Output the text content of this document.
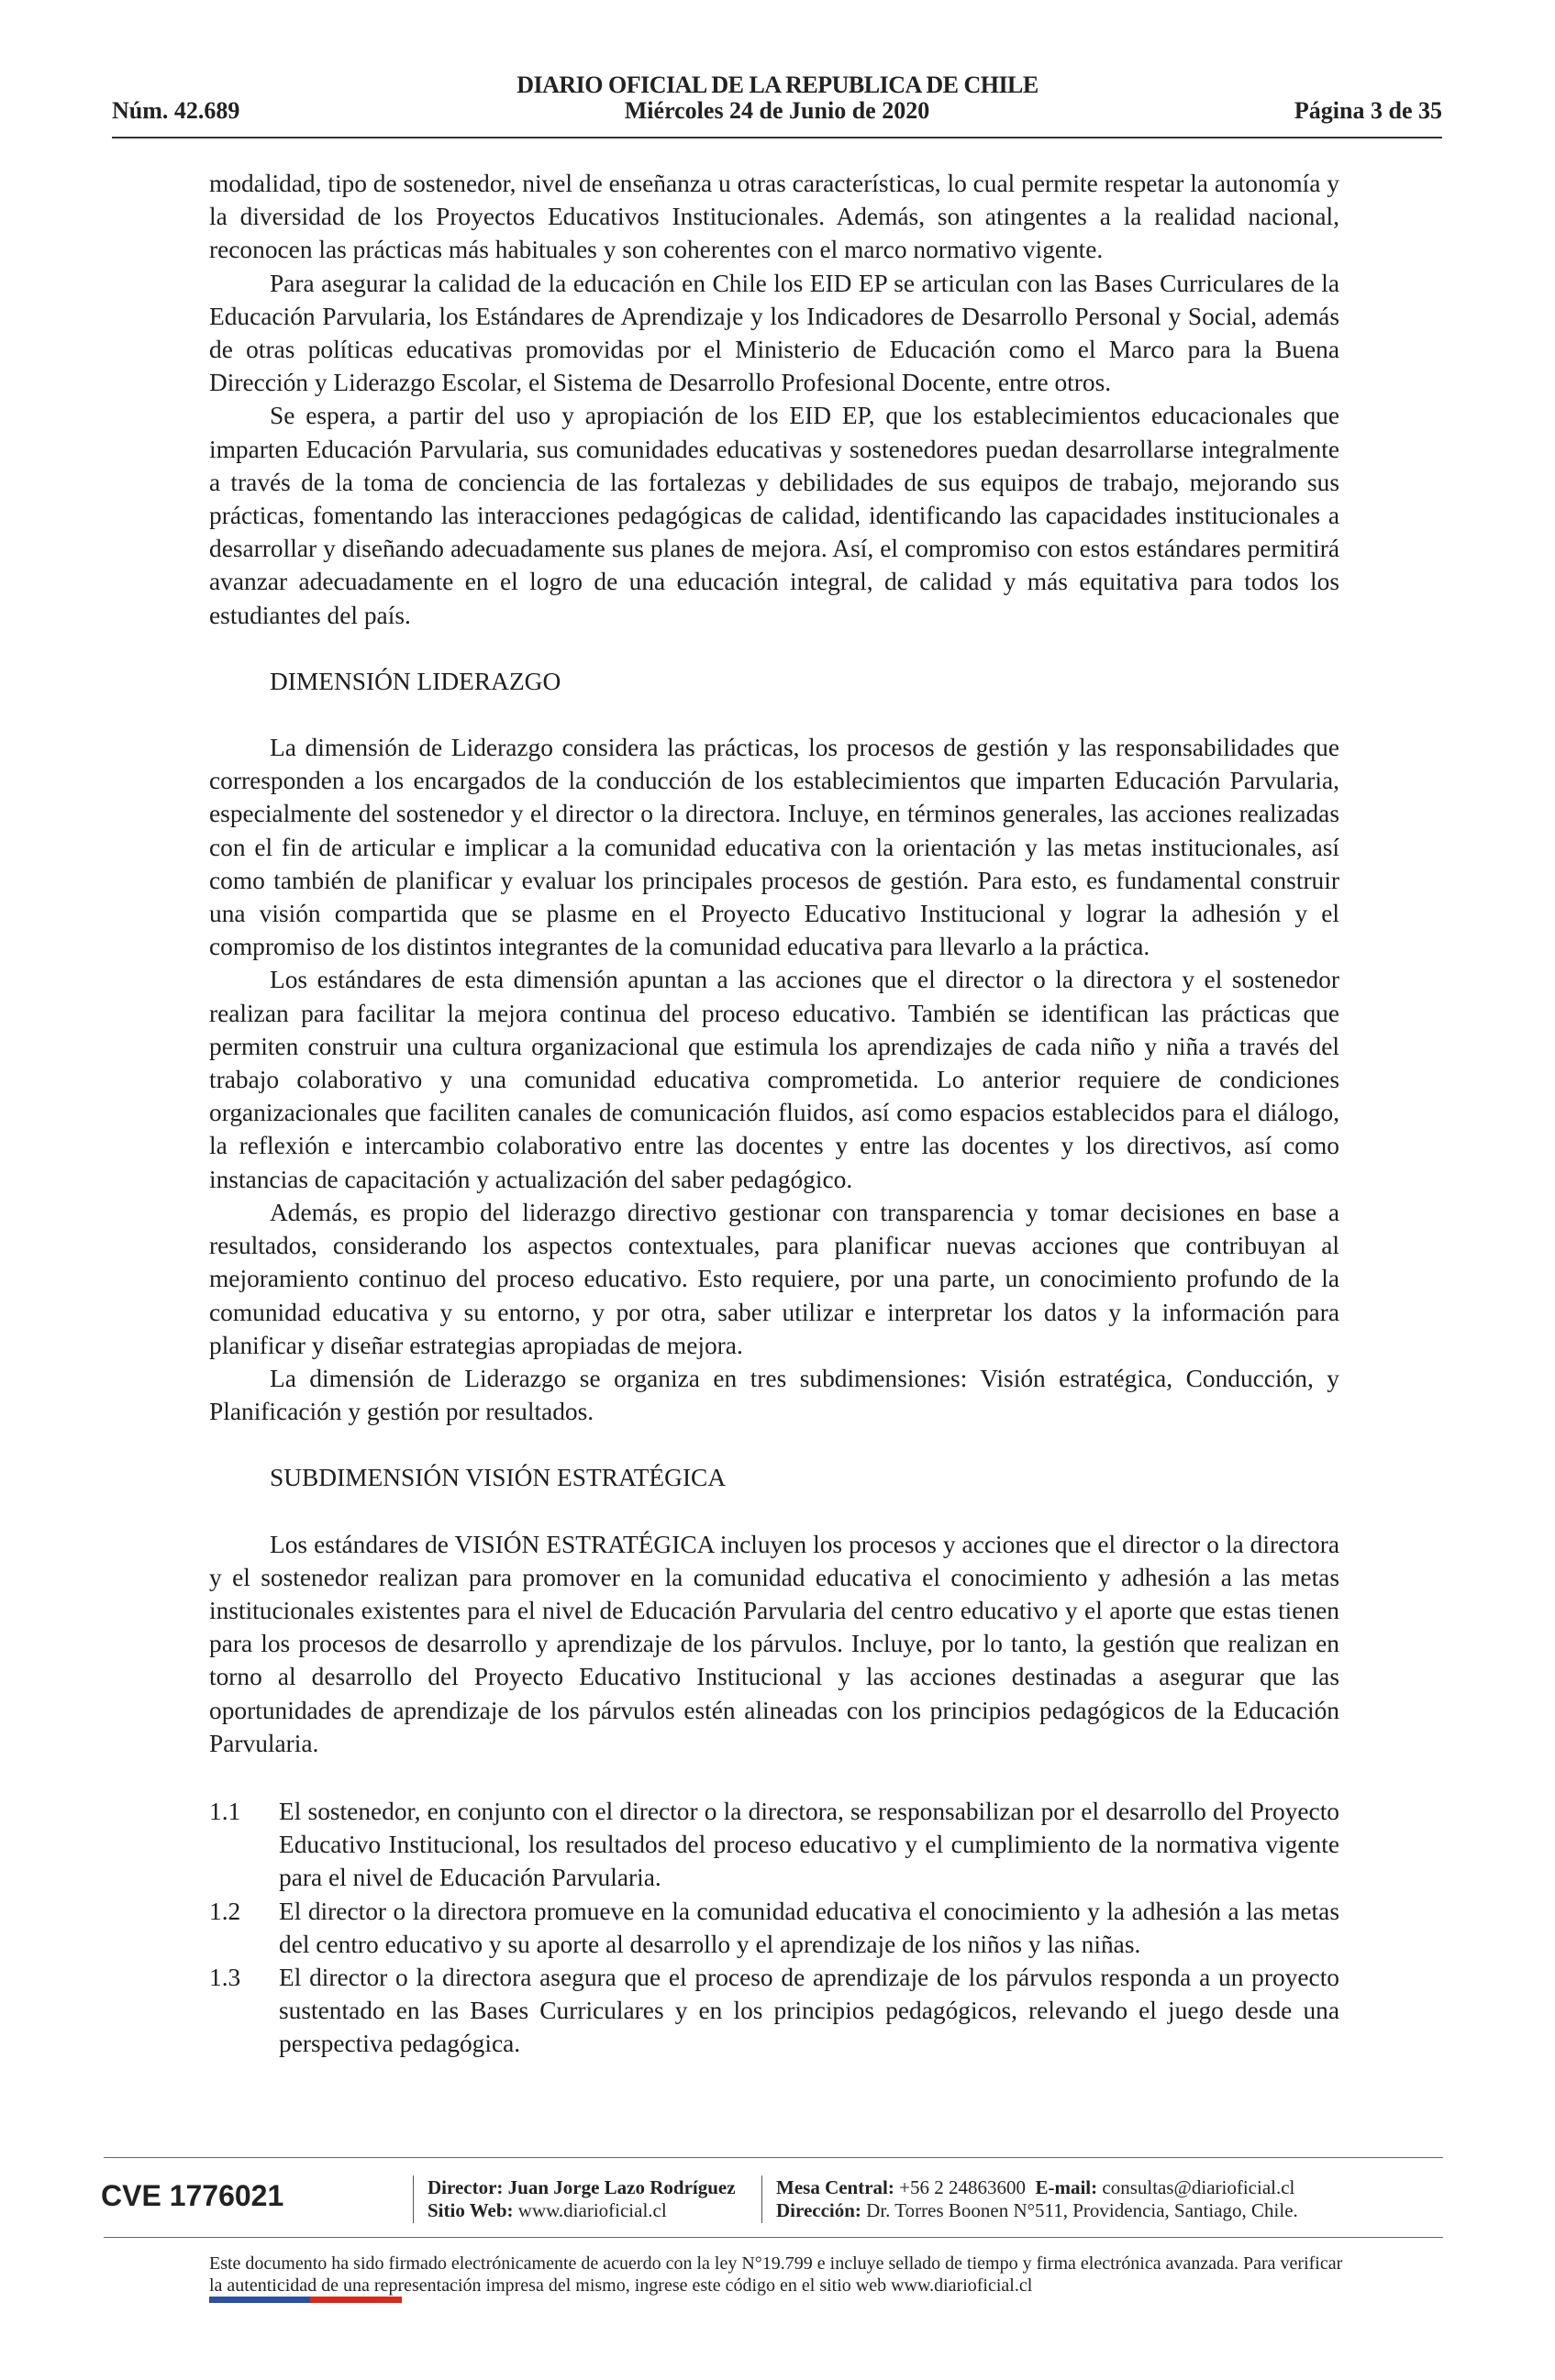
DIARIO OFICIAL DE LA REPUBLICA DE CHILE
Núm. 42.689	Miércoles 24 de Junio de 2020	Página 3 de 35

modalidad, tipo de sostenedor, nivel de enseñanza u otras características, lo cual permite respetar la autonomía y la diversidad de los Proyectos Educativos Institucionales. Además, son atingentes a la realidad nacional, reconocen las prácticas más habituales y son coherentes con el marco normativo vigente.

Para asegurar la calidad de la educación en Chile los EID EP se articulan con las Bases Curriculares de la Educación Parvularia, los Estándares de Aprendizaje y los Indicadores de Desarrollo Personal y Social, además de otras políticas educativas promovidas por el Ministerio de Educación como el Marco para la Buena Dirección y Liderazgo Escolar, el Sistema de Desarrollo Profesional Docente, entre otros.

Se espera, a partir del uso y apropiación de los EID EP, que los establecimientos educacionales que imparten Educación Parvularia, sus comunidades educativas y sostenedores puedan desarrollarse integralmente a través de la toma de conciencia de las fortalezas y debilidades de sus equipos de trabajo, mejorando sus prácticas, fomentando las interacciones pedagógicas de calidad, identificando las capacidades institucionales a desarrollar y diseñando adecuadamente sus planes de mejora. Así, el compromiso con estos estándares permitirá avanzar adecuadamente en el logro de una educación integral, de calidad y más equitativa para todos los estudiantes del país.

DIMENSIÓN LIDERAZGO

La dimensión de Liderazgo considera las prácticas, los procesos de gestión y las responsabilidades que corresponden a los encargados de la conducción de los establecimientos que imparten Educación Parvularia, especialmente del sostenedor y el director o la directora. Incluye, en términos generales, las acciones realizadas con el fin de articular e implicar a la comunidad educativa con la orientación y las metas institucionales, así como también de planificar y evaluar los principales procesos de gestión. Para esto, es fundamental construir una visión compartida que se plasme en el Proyecto Educativo Institucional y lograr la adhesión y el compromiso de los distintos integrantes de la comunidad educativa para llevarlo a la práctica.

Los estándares de esta dimensión apuntan a las acciones que el director o la directora y el sostenedor realizan para facilitar la mejora continua del proceso educativo. También se identifican las prácticas que permiten construir una cultura organizacional que estimula los aprendizajes de cada niño y niña a través del trabajo colaborativo y una comunidad educativa comprometida. Lo anterior requiere de condiciones organizacionales que faciliten canales de comunicación fluidos, así como espacios establecidos para el diálogo, la reflexión e intercambio colaborativo entre las docentes y entre las docentes y los directivos, así como instancias de capacitación y actualización del saber pedagógico.

Además, es propio del liderazgo directivo gestionar con transparencia y tomar decisiones en base a resultados, considerando los aspectos contextuales, para planificar nuevas acciones que contribuyan al mejoramiento continuo del proceso educativo. Esto requiere, por una parte, un conocimiento profundo de la comunidad educativa y su entorno, y por otra, saber utilizar e interpretar los datos y la información para planificar y diseñar estrategias apropiadas de mejora.

La dimensión de Liderazgo se organiza en tres subdimensiones: Visión estratégica, Conducción, y Planificación y gestión por resultados.

SUBDIMENSIÓN VISIÓN ESTRATÉGICA

Los estándares de VISIÓN ESTRATÉGICA incluyen los procesos y acciones que el director o la directora y el sostenedor realizan para promover en la comunidad educativa el conocimiento y adhesión a las metas institucionales existentes para el nivel de Educación Parvularia del centro educativo y el aporte que estas tienen para los procesos de desarrollo y aprendizaje de los párvulos. Incluye, por lo tanto, la gestión que realizan en torno al desarrollo del Proyecto Educativo Institucional y las acciones destinadas a asegurar que las oportunidades de aprendizaje de los párvulos estén alineadas con los principios pedagógicos de la Educación Parvularia.

1.1	El sostenedor, en conjunto con el director o la directora, se responsabilizan por el desarrollo del Proyecto Educativo Institucional, los resultados del proceso educativo y el cumplimiento de la normativa vigente para el nivel de Educación Parvularia.
1.2	El director o la directora promueve en la comunidad educativa el conocimiento y la adhesión a las metas del centro educativo y su aporte al desarrollo y el aprendizaje de los niños y las niñas.
1.3	El director o la directora asegura que el proceso de aprendizaje de los párvulos responda a un proyecto sustentado en las Bases Curriculares y en los principios pedagógicos, relevando el juego desde una perspectiva pedagógica.
CVE 1776021	Director: Juan Jorge Lazo Rodríguez
Sitio Web: www.diarioficial.cl
Mesa Central: +56 2 24863600 E-mail: consultas@diarioficial.cl
Dirección: Dr. Torres Boonen N°511, Providencia, Santiago, Chile.
Este documento ha sido firmado electrónicamente de acuerdo con la ley N°19.799 e incluye sellado de tiempo y firma electrónica avanzada. Para verificar la autenticidad de una representación impresa del mismo, ingrese este código en el sitio web www.diarioficial.cl
